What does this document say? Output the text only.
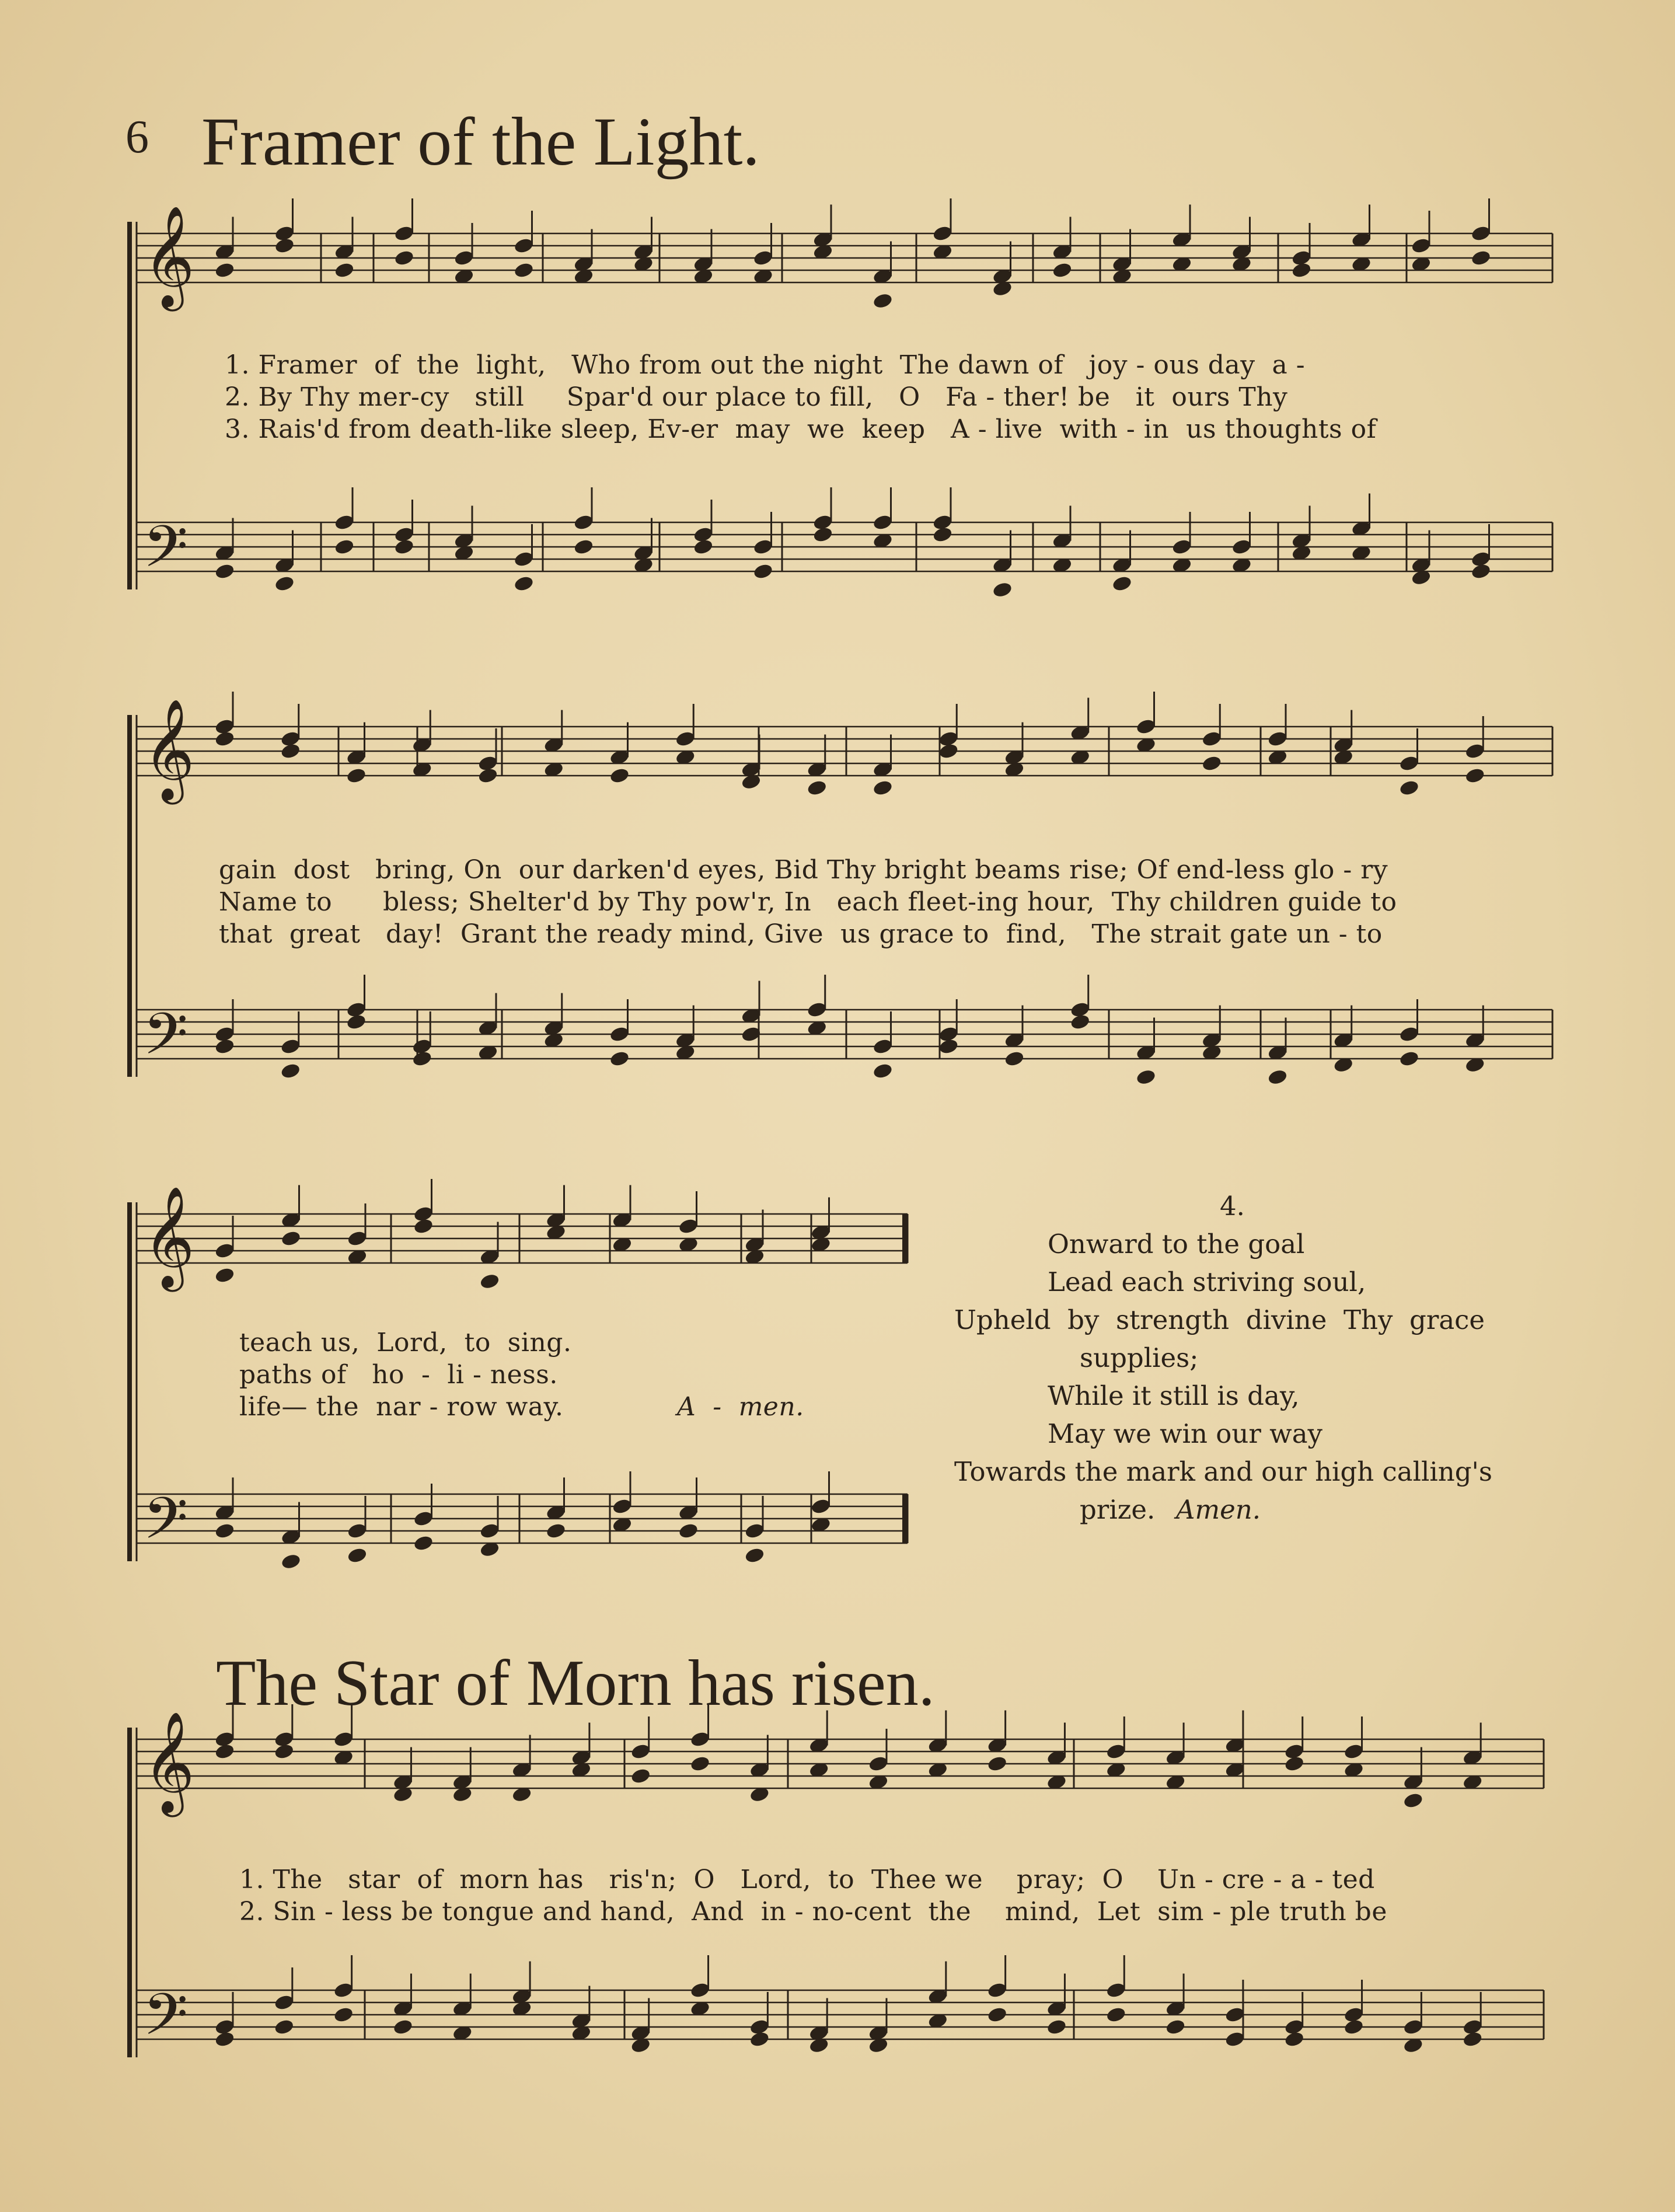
6 Framer of the Light.
𝄞
𝄢
𝄞
𝄢
𝄞
𝄢
𝄞
𝄢
1. Framer  of  the  light,   Who from out the night  The dawn of   joy - ous day  a -
2. By Thy mer-cy   still     Spar'd our place to fill,   O   Fa - ther! be   it  ours Thy
3. Rais'd from death-like sleep, Ev-er  may  we  keep   A - live  with - in  us thoughts of
gain  dost   bring, On  our darken'd eyes, Bid Thy bright beams rise; Of end-less glo - ry
Name to      bless; Shelter'd by Thy pow'r, In   each fleet-ing hour,  Thy children guide to
that  great   day!  Grant the ready mind, Give  us grace to  find,   The strait gate un - to
teach us,  Lord,  to  sing.
paths of   ho  -  li - ness.
life— the  nar - row way.	A  -  men.
4.
Onward to the goal
Lead each striving soul,
Upheld  by  strength  divine  Thy  grace
supplies;
While it still is day,
May we win our way
Towards the mark and our high calling's
prize. Amen.
The Star of Morn has risen.
1. The   star  of  morn has   ris'n;  O   Lord,  to  Thee we    pray;  O    Un - cre - a - ted
2. Sin - less be tongue and hand,  And  in - no-cent  the    mind,  Let  sim - ple truth be
